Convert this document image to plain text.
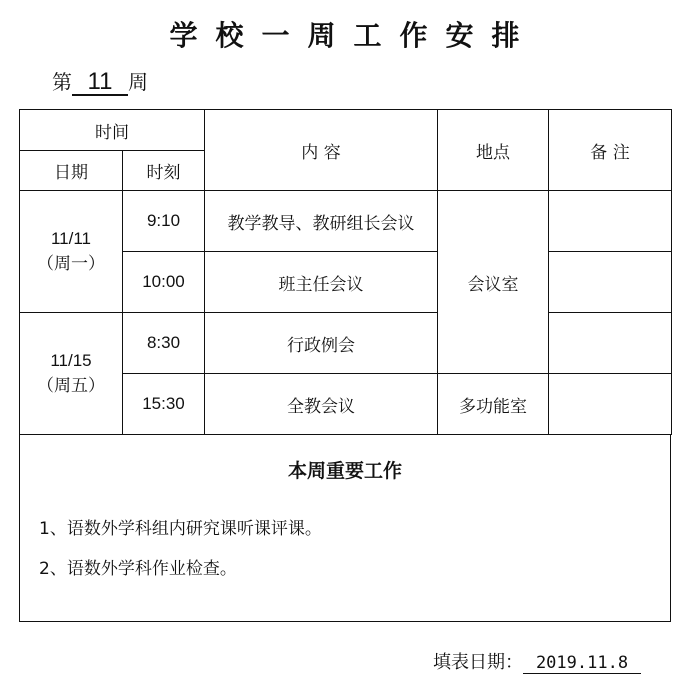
学校一周工作安排
第 11 周
时间		内 容	地点	备 注
日期	时刻			

11/11
（周一）	9:10	教学教导、教研组长会议	会议室	
	10:00	班主任会议		

11/15
（周五）	8:30	行政例会		
	15:30	全教会议	多功能室	
本周重要工作
1、语数外学科组内研究课听课评课。
2、语数外学科作业检查。
填表日期： 2019.11.8
